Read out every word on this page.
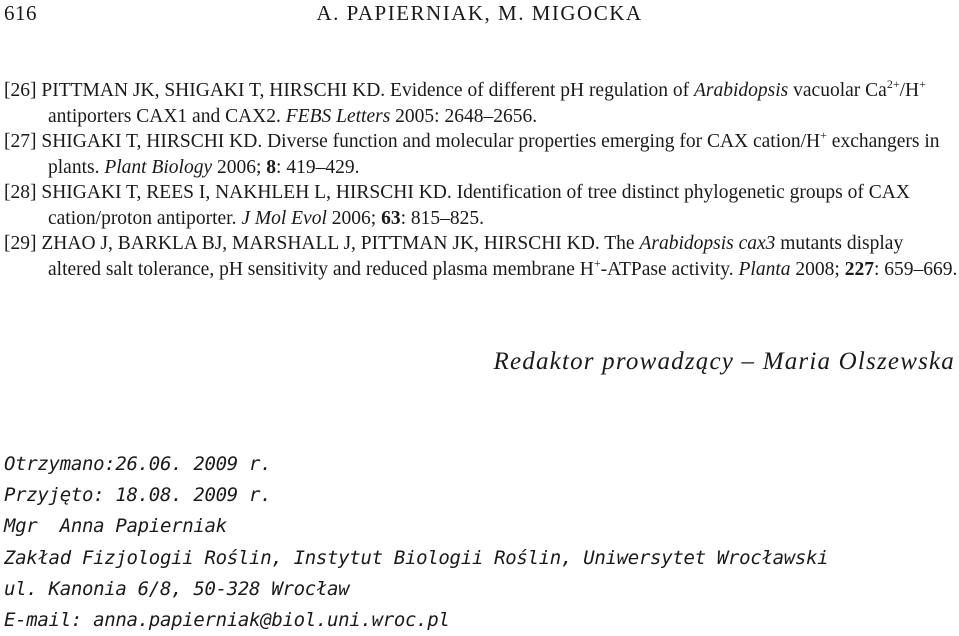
616	A. PAPIERNIAK, M. MIGOCKA

[26] PITTMAN JK, SHIGAKI T, HIRSCHI KD. Evidence of different pH regulation of Arabidopsis vacuolar $Ca^{2+}/H^+$ antiporters CAX1 and CAX2. FEBS Letters 2005: 2648–2656.

[27] SHIGAKI T, HIRSCHI KD. Diverse function and molecular properties emerging for CAX cation/H+ exchangers in plants. Plant Biology 2006; 8: 419–429.

[28] SHIGAKI T, REES I, NAKHLEH L, HIRSCHI KD. Identification of tree distinct phylogenetic groups of CAX cation/proton antiporter. J Mol Evol 2006; 63: 815–825.

[29] ZHAO J, BARKLA BJ, MARSHALL J, PITTMAN JK, HIRSCHI KD. The Arabidopsis cax3 mutants display altered salt tolerance, pH sensitivity and reduced plasma membrane H+-ATPase activity. Planta 2008; 227: 659–669.

Redaktor prowadzący – Maria Olszewska
Otrzymano:26.06. 2009 r.
Przyjęto: 18.08. 2009 r.
Mgr  Anna Papierniak
Zakład Fizjologii Roślin, Instytut Biologii Roślin, Uniwersytet Wrocławski
ul. Kanonia 6/8, 50-328 Wrocław
E-mail: anna.papierniak@biol.uni.wroc.pl
